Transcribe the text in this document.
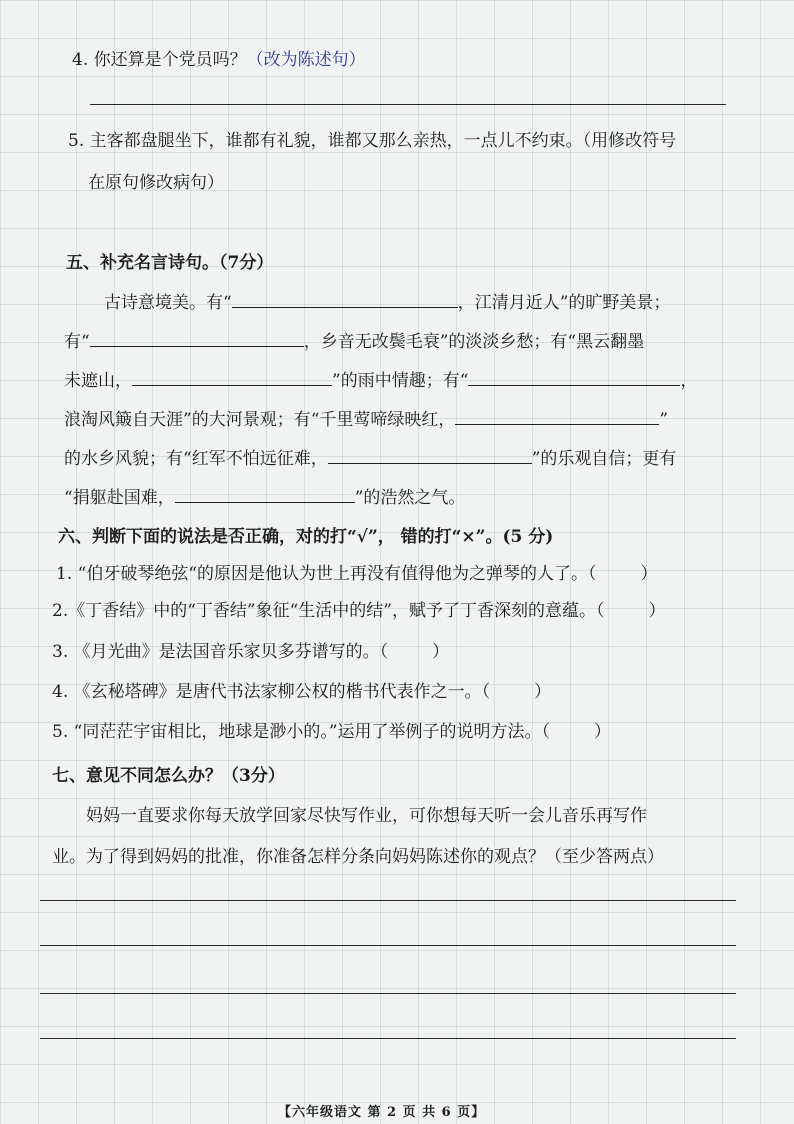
4. 你还算是个党员吗？（改为陈述句）
5. 主客都盘腿坐下，谁都有礼貌，谁都又那么亲热，一点儿不约束。（用修改符号
在原句修改病句）
五、补充名言诗句。（7分）
古诗意境美。有“	，江清月近人”的旷野美景；
有“	，乡音无改鬓毛衰”的淡淡乡愁；有“黑云翻墨
未遮山，	”的雨中情趣；有“	，
浪淘风簸自天涯”的大河景观；有“千里莺啼绿映红，	”
的水乡风貌；有“红军不怕远征难，	”的乐观自信；更有
“捐躯赴国难，	”的浩然之气。
六、判断下面的说法是否正确，对的打“√”， 错的打“×”。(5 分)
1. “伯牙破琴绝弦“的原因是他认为世上再没有值得他为之弹琴的人了。（	）
2.《丁香结》中的“丁香结”象征“生活中的结”，赋予了丁香深刻的意蕴。（	）
3. 《月光曲》是法国音乐家贝多芬谱写的。（	）
4. 《玄秘塔碑》是唐代书法家柳公权的楷书代表作之一。（	）
5. “同茫茫宇宙相比，地球是渺小的。”运用了举例子的说明方法。（	）
七、意见不同怎么办？（3分）
妈妈一直要求你每天放学回家尽快写作业，可你想每天听一会儿音乐再写作
业。为了得到妈妈的批准，你准备怎样分条向妈妈陈述你的观点？（至少答两点）
【六年级语文 第 2 页 共 6 页】
